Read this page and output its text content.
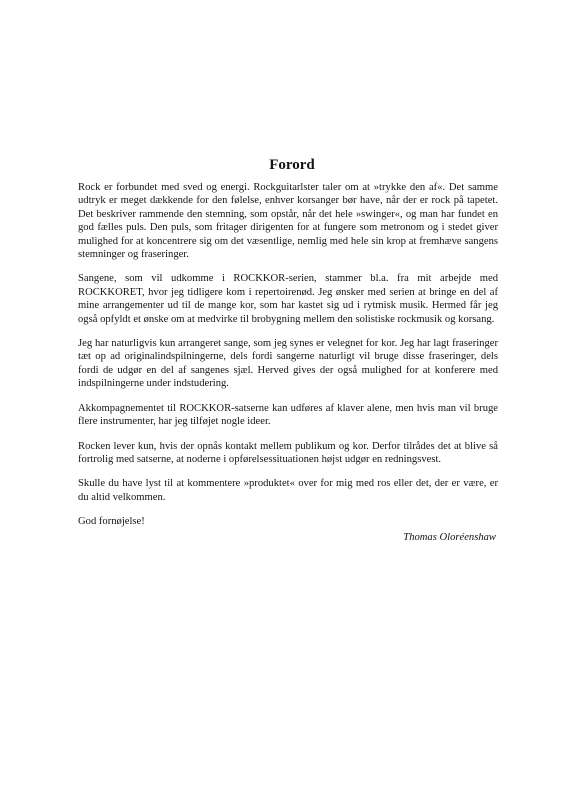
Forord

Rock er forbundet med sved og energi. Rockguitarlster taler om at »trykke den af«. Det samme udtryk er meget dækkende for den følelse, enhver korsanger bør have, når der er rock på tapetet. Det beskriver rammende den stemning, som opstår, når det hele »swinger«, og man har fundet en god fælles puls. Den puls, som fritager dirigenten for at fungere som metronom og i stedet giver mulighed for at koncentrere sig om det væsentlige, nemlig med hele sin krop at fremhæve sangens stemninger og fraseringer.

Sangene, som vil udkomme i ROCKKOR-serien, stammer bl.a. fra mit arbejde med ROCKKORET, hvor jeg tidligere kom i repertoirenød. Jeg ønsker med serien at bringe en del af mine arrangementer ud til de mange kor, som har kastet sig ud i rytmisk musik. Hermed får jeg også opfyldt et ønske om at medvirke til brobygning mellem den solistiske rockmusik og korsang.

Jeg har naturligvis kun arrangeret sange, som jeg synes er velegnet for kor. Jeg har lagt fraseringer tæt op ad originalindspilningerne, dels fordi sangerne naturligt vil bruge disse fraseringer, dels fordi de udgør en del af sangenes sjæl. Herved gives der også mulighed for at konferere med indspilningerne under indstudering.

Akkompagnementet til ROCKKOR-satserne kan udføres af klaver alene, men hvis man vil bruge flere instrumenter, har jeg tilføjet nogle ideer.

Rocken lever kun, hvis der opnås kontakt mellem publikum og kor. Derfor tilrådes det at blive så fortrolig med satserne, at noderne i opførelsessituationen højst udgør en redningsvest.

Skulle du have lyst til at kommentere »produktet« over for mig med ros eller det, der er være, er du altid velkommen.

God fornøjelse!

Thomas Oloréenshaw
